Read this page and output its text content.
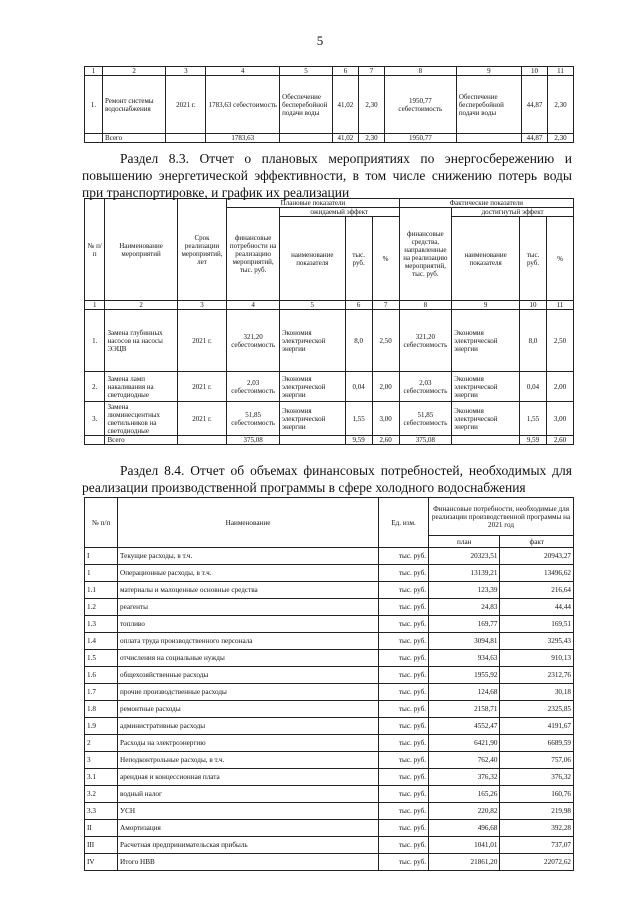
5
1	2	3	4	5	6	7	8	9	10	11
1.	Ремонт системы водоснабжения	2021 г.	1783,63 себестоимость	Обеспечение бесперебойной подачи воды	41,02	2,30	1950,77 себестоимость	Обеспечение бесперебойной подачи воды	44,87	2,30
	Всего		1783,63		41,02	2,30	1950,77		44,87	2,30
Раздел 8.3. Отчет о плановых мероприятиях по энергосбережению и повышению энергетической эффективности, в том числе снижению потерь воды при транспортировке, и график их реализации
№ п/п	Наименование мероприятий	Срок реализации мероприятий, лет	Плановые показатели				Фактические показатели			
			финансовые потребности на реализацию мероприятий, тыс. руб.	ожидаемый эффект			финансовые средства, направленные на реализацию мероприятий, тыс. руб.	достигнутый эффект		
				наименование показателя	тыс. руб.	%		наименование показателя	тыс. руб.	%
1	2	3	4	5	6	7	8	9	10	11
1.	Замена глубинных насосов на насосы ЭЭЦВ	2021 г.	321,20 себестоимость	Экономия электрической энергии	8,0	2,50	321,20 себестоимость	Экономия электрической энергии	8,0	2,50
2.	Замена ламп накаливания на светодиодные	2021 г.	2,03 себестоимость	Экономия электрической энергии	0,04	2,00	2,03 себестоимость	Экономия электрической энергии	0,04	2,00
3.	Замена люминесцентных светильников на светодиодные	2021 г.	51,85 себестоимость	Экономия электрической энергии	1,55	3,00	51,85 себестоимость	Экономия электрической энергии	1,55	3,00
	Всего		375,08		9,59	2,60	375,08		9,59	2,60
Раздел 8.4. Отчет об объемах финансовых потребностей, необходимых для реализации производственной программы в сфере холодного водоснабжения
№ п/п	Наименование	Ед. изм.	Финансовые потребности, необходимые для реализации производственной программы на 2021 год	
			план	факт
I	Текущие расходы, в т.ч.	тыс. руб.	20323,51	20943,27
1	Операционные расходы, в т.ч.	тыс. руб.	13139,21	13496,62
1.1	материалы и малоценные основные средства	тыс. руб.	123,39	216,64
1.2	реагенты	тыс. руб.	24,83	44,44
1.3	топливо	тыс. руб.	169,77	169,51
1.4	оплата труда производственного персонала	тыс. руб.	3094,81	3295,43
1.5	отчисления на социальные нужды	тыс. руб.	934,63	910,13
1.6	общехозяйственные расходы	тыс. руб.	1955,92	2312,76
1.7	прочие производственные расходы	тыс. руб.	124,68	30,18
1.8	ремонтные расходы	тыс. руб.	2158,71	2325,85
1.9	административные расходы	тыс. руб.	4552,47	4191,67
2	Расходы на электроэнергию	тыс. руб.	6421,90	6689,59
3	Неподконтрольные расходы, в т.ч.	тыс. руб.	762,40	757,06
3.1	арендная и концессионная плата	тыс. руб.	376,32	376,32
3.2	водный налог	тыс. руб.	165,26	160,76
3.3	УСН	тыс. руб.	220,82	219,98
II	Амортизация	тыс. руб.	496,68	392,28
III	Расчетная предпринимательская прибыль	тыс. руб.	1041,01	737,07
IV	Итого НВВ	тыс. руб.	21861,20	22072,62
